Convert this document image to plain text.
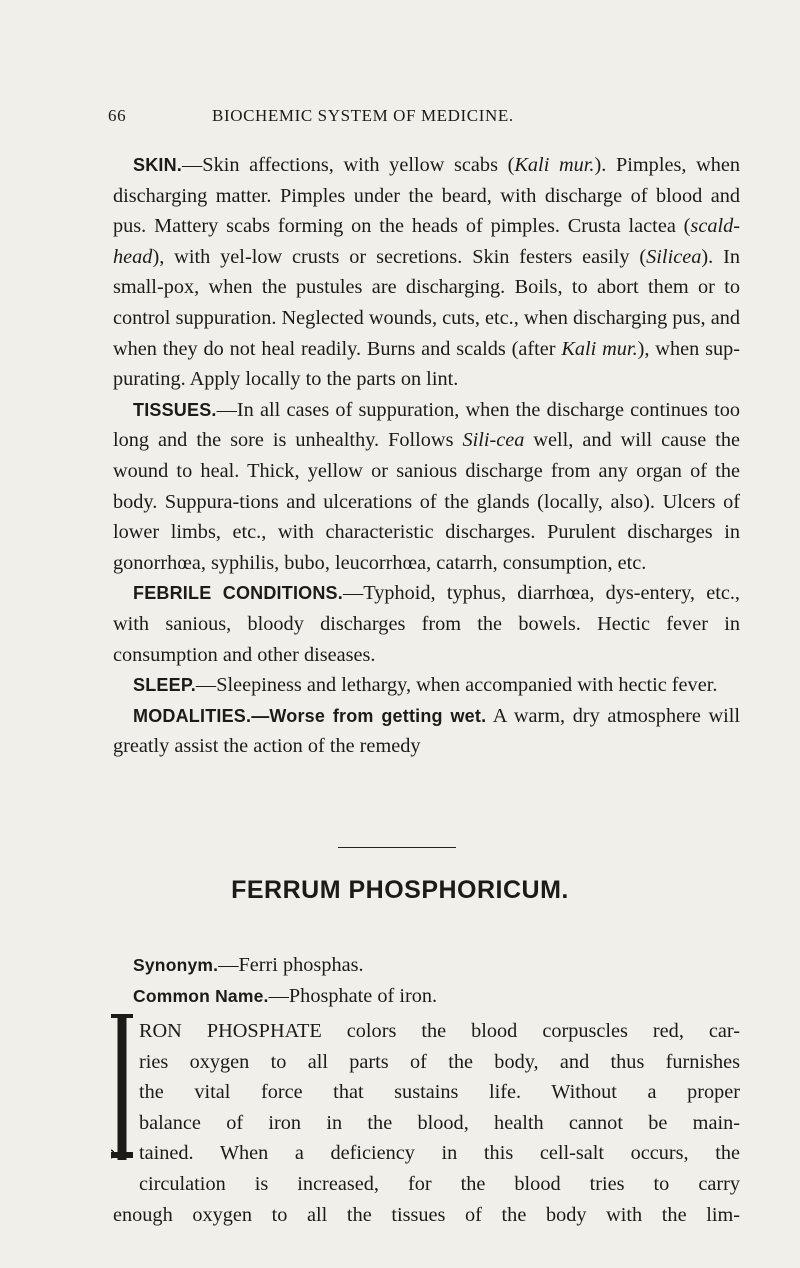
66	BIOCHEMIC SYSTEM OF MEDICINE.

SKIN.—Skin affections, with yellow scabs (Kali mur.). Pimples, when discharging matter. Pimples under the beard, with discharge of blood and pus. Mattery scabs forming on the heads of pimples. Crusta lactea (scald-head), with yel-low crusts or secretions. Skin festers easily (Silicea). In small-pox, when the pustules are discharging. Boils, to abort them or to control suppuration. Neglected wounds, cuts, etc., when discharging pus, and when they do not heal readily. Burns and scalds (after Kali mur.), when sup-purating. Apply locally to the parts on lint.

TISSUES.—In all cases of suppuration, when the discharge continues too long and the sore is unhealthy. Follows Sili-cea well, and will cause the wound to heal. Thick, yellow or sanious discharge from any organ of the body. Suppura-tions and ulcerations of the glands (locally, also). Ulcers of lower limbs, etc., with characteristic discharges. Purulent discharges in gonorrhœa, syphilis, bubo, leucorrhœa, catarrh, consumption, etc.

FEBRILE CONDITIONS.—Typhoid, typhus, diarrhœa, dys-entery, etc., with sanious, bloody discharges from the bowels. Hectic fever in consumption and other diseases.

SLEEP.—Sleepiness and lethargy, when accompanied with hectic fever.

MODALITIES.—Worse from getting wet. A warm, dry atmosphere will greatly assist the action of the remedy

FERRUM PHOSPHORICUM.
Synonym.—Ferri phosphas.
Common Name.—Phosphate of iron.
RON PHOSPHATE colors the blood corpuscles red, car-
ries oxygen to all parts of the body, and thus furnishes
the vital force that sustains life. Without a proper
balance of iron in the blood, health cannot be main-
tained. When a deficiency in this cell-salt occurs, the
circulation is increased, for the blood tries to carry
enough oxygen to all the tissues of the body with the lim-
